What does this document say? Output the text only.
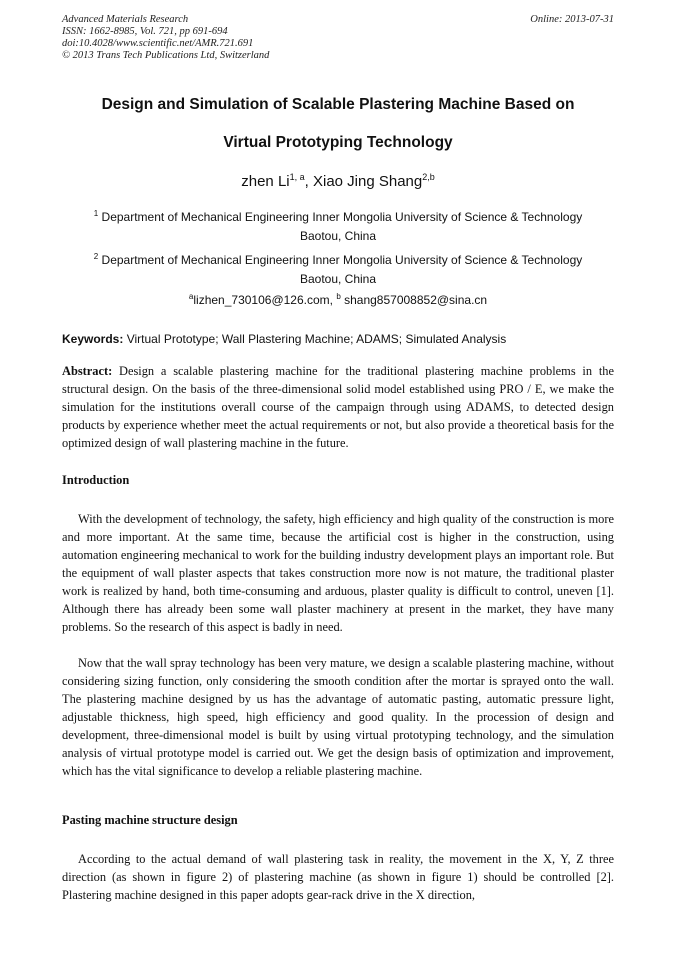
Advanced Materials Research
ISSN: 1662-8985, Vol. 721, pp 691-694
doi:10.4028/www.scientific.net/AMR.721.691
© 2013 Trans Tech Publications Ltd, Switzerland
Online: 2013-07-31
Design and Simulation of Scalable Plastering Machine Based on
Virtual Prototyping Technology
zhen Li$^{1, a}$, Xiao Jing Shang$^{2,b}$
$^1$ Department of Mechanical Engineering Inner Mongolia University of Science & Technology
Baotou, China
$^2$ Department of Mechanical Engineering Inner Mongolia University of Science & Technology
Baotou, China
$^a$lizhen_730106@126.com, $^b$ shang857008852@sina.cn
Keywords: Virtual Prototype; Wall Plastering Machine; ADAMS; Simulated Analysis
Abstract: Design a scalable plastering machine for the traditional plastering machine problems in the structural design. On the basis of the three-dimensional solid model established using PRO / E, we make the simulation for the institutions overall course of the campaign through using ADAMS, to detected design products by experience whether meet the actual requirements or not, but also provide a theoretical basis for the optimized design of wall plastering machine in the future.
Introduction
With the development of technology, the safety, high efficiency and high quality of the construction is more and more important. At the same time, because the artificial cost is higher in the construction, using automation engineering mechanical to work for the building industry development plays an important role. But the equipment of wall plaster aspects that takes construction more now is not mature, the traditional plaster work is realized by hand, both time-consuming and arduous, plaster quality is difficult to control, uneven [1]. Although there has already been some wall plaster machinery at present in the market, they have many problems. So the research of this aspect is badly in need.
Now that the wall spray technology has been very mature, we design a scalable plastering machine, without considering sizing function, only considering the smooth condition after the mortar is sprayed onto the wall. The plastering machine designed by us has the advantage of automatic pasting, automatic pressure light, adjustable thickness, high speed, high efficiency and good quality. In the procession of design and development, three-dimensional model is built by using virtual prototyping technology, and the simulation analysis of virtual prototype model is carried out. We get the design basis of optimization and improvement, which has the vital significance to develop a reliable plastering machine.
Pasting machine structure design
According to the actual demand of wall plastering task in reality, the movement in the X, Y, Z three direction (as shown in figure 2) of plastering machine (as shown in figure 1) should be controlled [2]. Plastering machine designed in this paper adopts gear-rack drive in the X direction,
